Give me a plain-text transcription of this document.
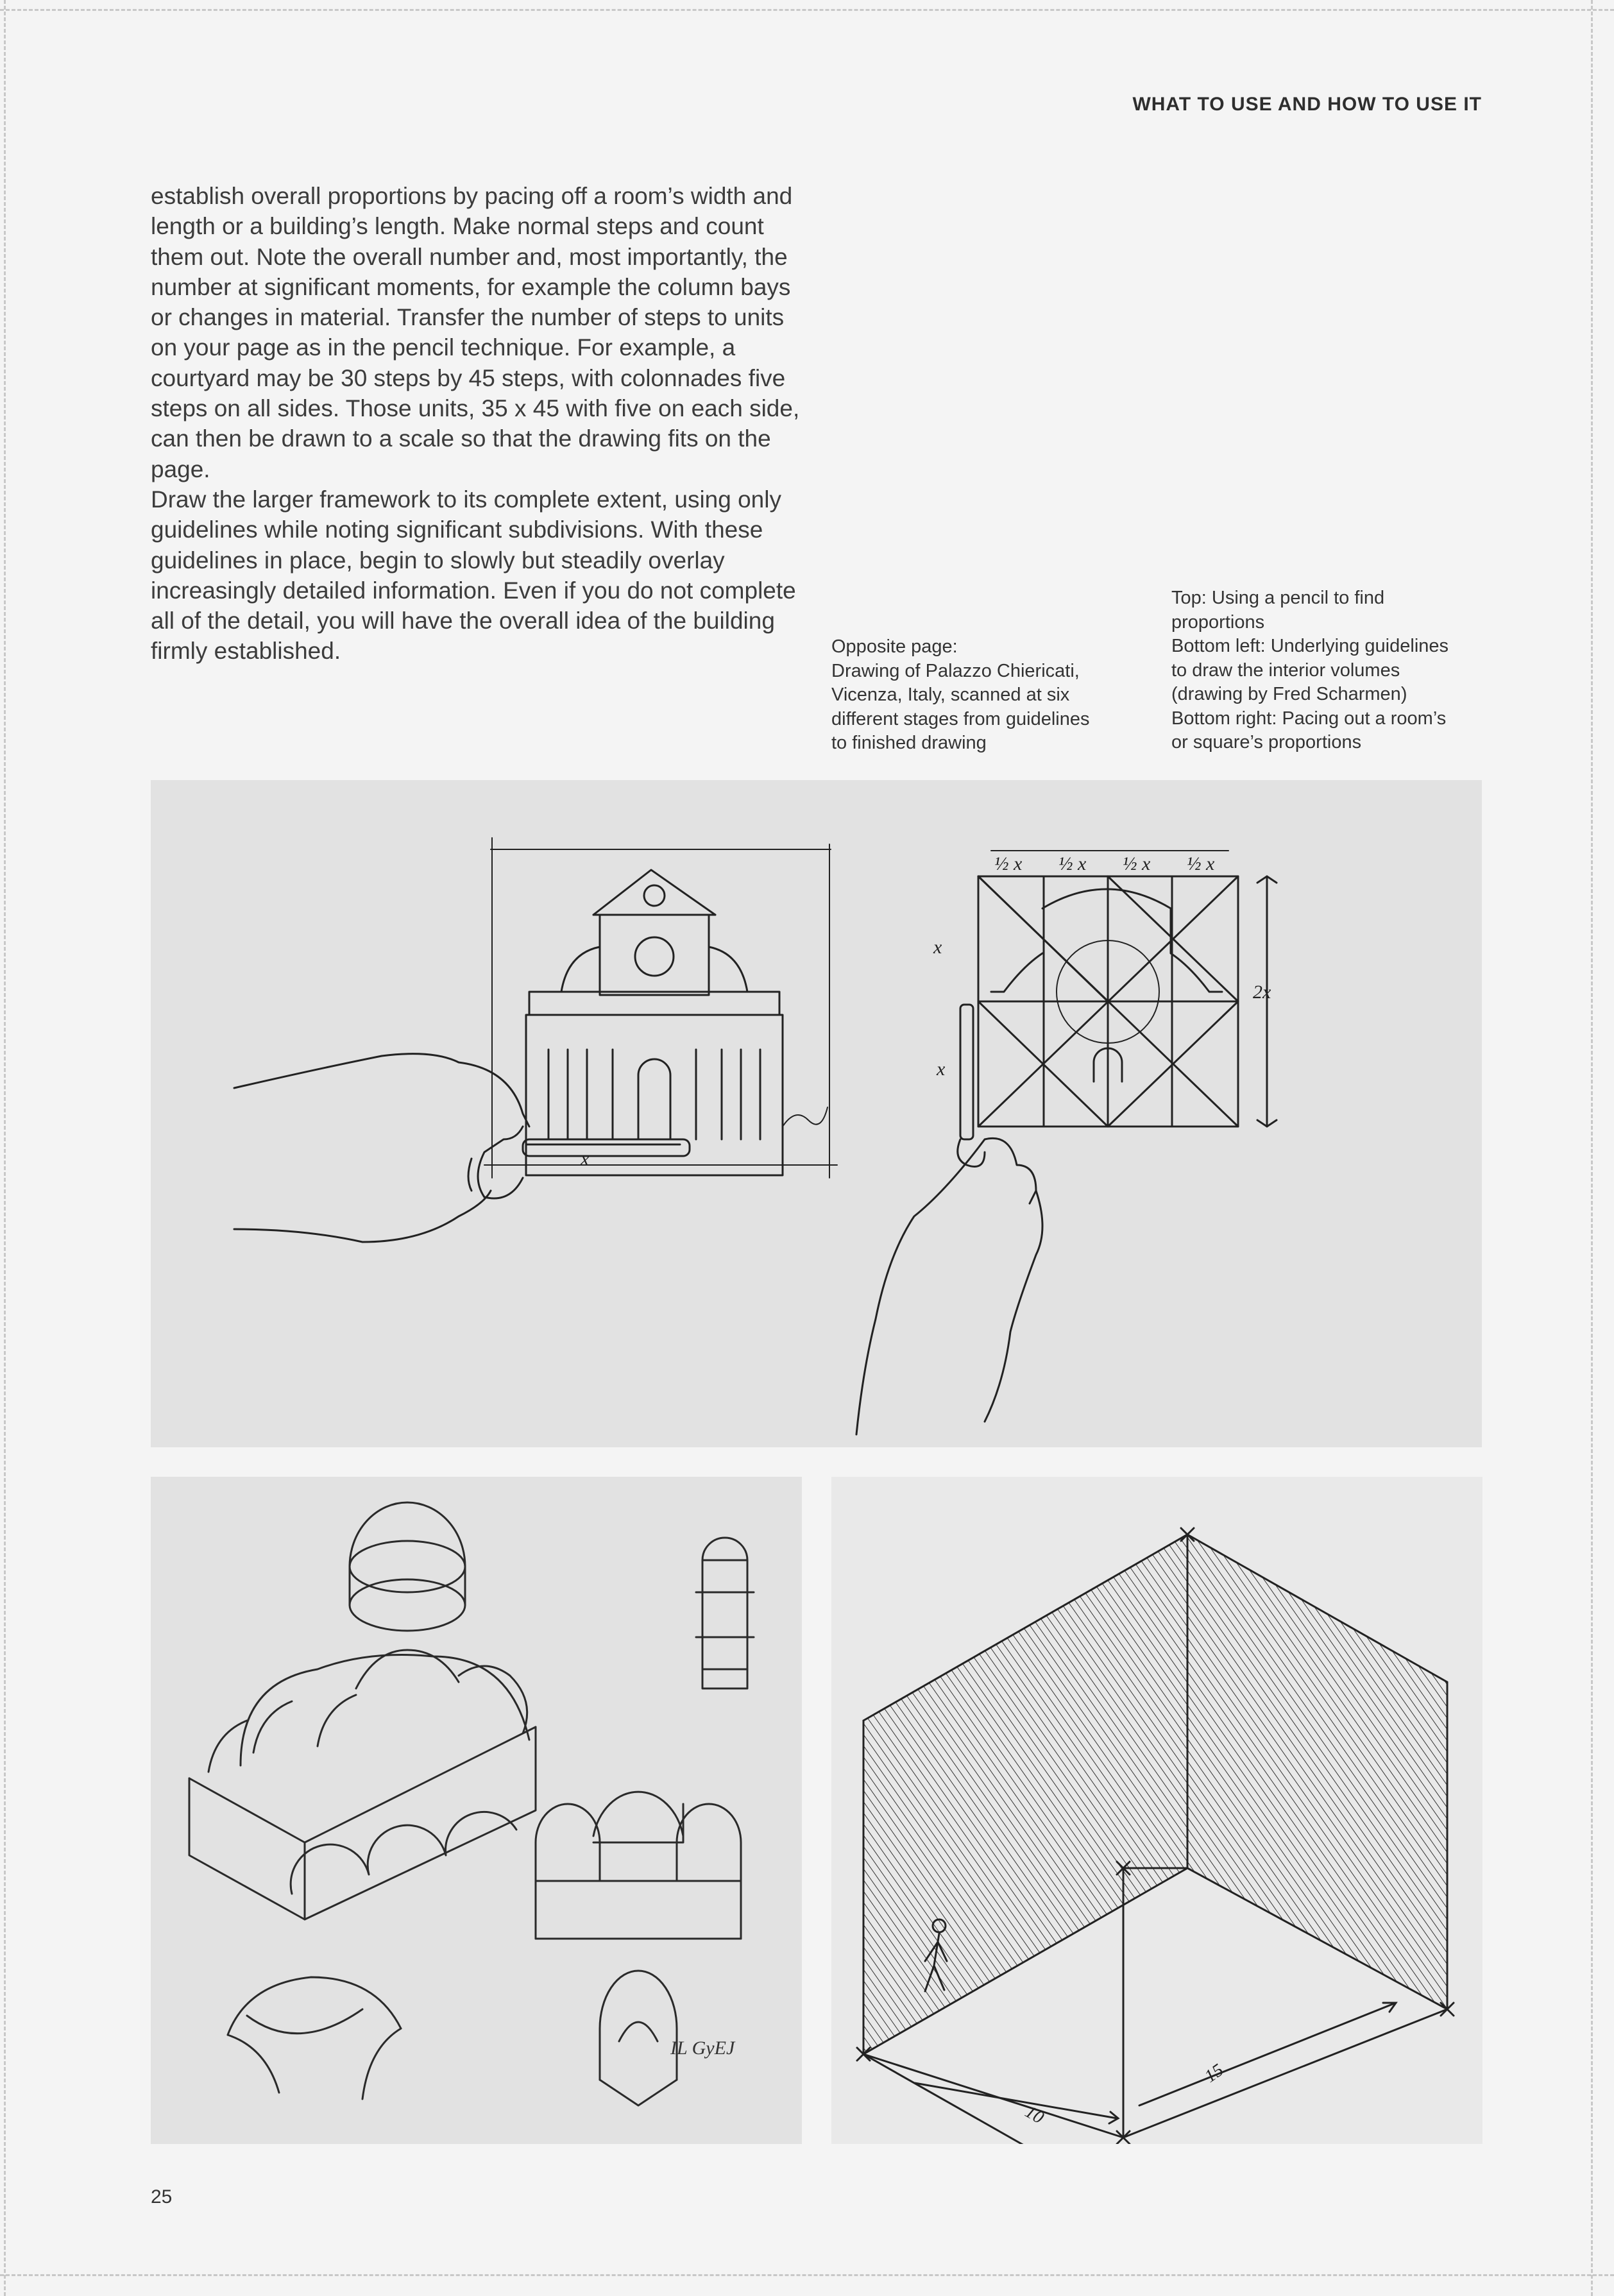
WHAT TO USE AND HOW TO USE IT

establish overall proportions by pacing off a room’s width and length or a building’s length. Make normal steps and count them out. Note the overall number and, most importantly, the number at significant moments, for example the column bays or changes in material. Transfer the number of steps to units on your page as in the pencil technique. For example, a courtyard may be 30 steps by 45 steps, with colonnades five steps on all sides. Those units, 35 x 45 with five on each side, can then be drawn to a scale so that the drawing fits on the page.

Draw the larger framework to its complete extent, using only guidelines while noting significant subdivisions. With these guidelines in place, begin to slowly but steadily overlay increasingly detailed information. Even if you do not complete all of the detail, you will have the overall idea of the building firmly established.	Opposite page:
Drawing of Palazzo Chiericati,
Vicenza, Italy, scanned at six
different stages from guidelines
to finished drawing
Top: Using a pencil to find
proportions
Bottom left: Underlying guidelines
to draw the interior volumes
(drawing by Fred Scharmen)
Bottom right: Pacing out a room’s
or square’s proportions
x
x
x
½ x ½ x ½ x ½ x
2x
IL GyEJ
10
15
25
